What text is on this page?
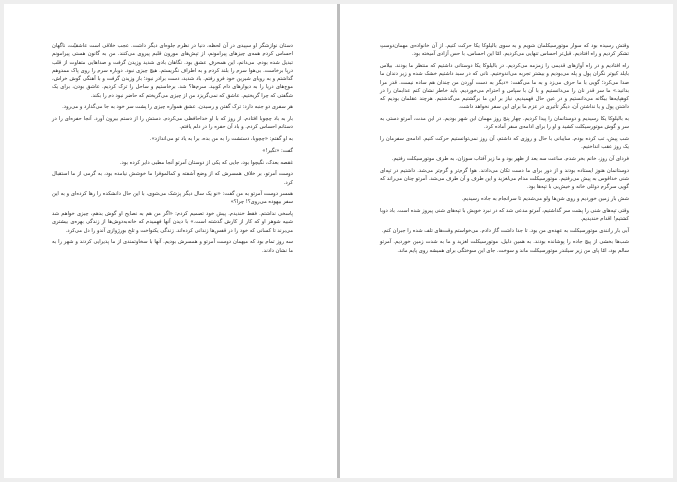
دستان نوازشگر او سپیدی در آن لحظه، دنیا در نظرم جلوه‌ای دیگر داشت. عجب خلاقی است عاشقیّت، ناگهان احساس کردم همه‌ی چیزهای پیرامونم، از تپش‌های مورون قلبم پیروی می‌کنند. من به گانون هستی پیرامونم تبدیل شده بودم. می‌دانم، این همحرفِ عشق بود. نگاهان بادی شدید وزیدن گرفت و صداهایی متفاوت از قلب درپا برخاست. بی‌هوا سرم را بلند کردم و به اطراف نگریستم. هیچ چیزی نبود. دوباره سرم را روی پاک ممدوهم گذاشتم و به رویای شیرین خود فرو رفتم. باد شدید، دست برادر نبود؛ باز وزیدن گرفت و با آهنگی گوش خراش، موج‌های دریا را به دیوارهای دام کوبید. سرم‌ها؟ شد. برخاستیم و ساحل را ترک کردیم. عاشق بودن، برای یک شگفتی که چرا گریختیم. عاشق که نمی‌گریزد من از چیزی می‌گریختم که حاضر نبود دم را بکند.

هر سفری دو جنبه دارد: ترک گفتن و رسیدن. عشق همواره چیزی را پشت سر خود به جا می‌گذارد و می‌رود.

بار به باد چچوبا افتادم. از روز که با او خداحافظی می‌کردم. دستش را از دستم بیرون آورد. آنجا حفره‌ای را در دستانم احساس کردم. و باد آن حفره را در دلم یافتم.

به او گفتم: «چچوبا، دستشت را به من بده، برا به یاد تو می‌اندازد».

گفت: «نگیر!»

غقصه بعدک، نگیچوا بود، جایی که یکی از دوستان آمرتو آنجا مطبی دایر کرده بود.

دوست آمرتو، بر خلاف همسرش که از وضع آشفته و کمالموفرا ما خوشش نیامده بود، به گرمی از ما استقبال کرد.

همسر دوست آمرتو به من گفت: «نو یک سال دیگر پزشک می‌شوی، با این حال دانشکده را رها کرده‌ای و به این سفر بیهوده می‌روی؟! چرا؟»

پاسخی نداشتم. فقط خندیدم. پیش خود تصمیم کردم: «اگر من هم به نصایح او گوش بدهم، چیزی خواهم شد شبیه شوهر او که کار از کارش گذشته است.» با دیدن آنها فهمیدم که خانه‌به‌دوش‌ها از زندگی بهره‌ی بیشتری می‌برند تا کسانی که خود را در قفس‌ها زندانی کرده‌اند. زندگی یکنواخت و تلخ بورژوازی آندو را دل می‌کرد.

سه روز تمام بود که میهمان دوست آمرتو و همسرش بودیم. آنها با سخاوتمندی از ما پذیرایی کردند و شهر را به ما نشان دادند.

وقتش رسیده بود که سوار موتورسیکلمان شویم و به سوی بالیلوکا یکا حرکت کنیم. از آن خانواده‌ی مهمان‌دوستِ تشکر کردیم و راه افتادیم. قبل‌تر احساس تنهایی می‌کردیم. امّا این احساس، با حس آزادی آمیخته بود.

راه افتادیم و در راه آوازهای قدیمی را زمزمه می‌کردیم. در بالیلوکا یکا دوستانی داشتیم که منتظر ما بودند. بیلاس بایلد کیوتر نگران پول و پله می‌بودیم و بیشتر تجربه می‌اندوختیم. نانی که در سبد داشتیم خشک شده و زیر دندان ما صدا می‌کرد؛ گویی با ما حرف می‌زد و به ما می‌گفت: «دیگر به دست آوردن من چندان هم ساده نیست. قدر مرا بدانید.» ما سر قدر نان را می‌دانستیم و با آن با سپاس و احترام می‌خوردیم. باید خاطر نشان کنم عذابمان را در کوهپایه‌ها بیگانه می‌دانستیم و در عین حال فهمیدیم، نیاز بر این ما برگشتیم می‌گذشتیم. هرچند عقلمان بودیم که داشتن پول و یا نداشتن آن، دیگر تأثیری در عزم ما برای این سفر نخواهد داشت.

به بالیلوکا یکا رسیدیم و دوستانمان را پیدا کردیم. چهار پنج روز مهمان این شهر بودیم. در این مدت، آمرتو دستی به سر و گوش موتورسیکلت کشید و او را برای ادامه‌ی سفر آماده کرد.

شب پیش، تب کرده بودم. سایبانی با حال و روزی که داشتم، آن روز نمی‌توانستیم حرکت کنیم. ادامه‌ی سفرمان را یک روز عقب انداختیم.

فردای آن روز، خانم بخر شدم. ساعت سه بعد از ظهر بود و ما زیر آفتاب سوزان، به طرف موتورسیکلت رفتیم.

دوستانمان هنوز ایستاده بودند و از دور برای ما دست تکان می‌دادند. هوا گرم‌تر و گرم‌تر می‌شد. داشتیم در تپه‌ای شنی خداقوس به پیش می‌رفتیم. موتورسیکلت مدام می‌لغزید و این طرف و آن طرف می‌شد. آمرتو چنان می‌راند که گویی سرگرم دوئلی خانه و خیش‌بی با تپه‌ها بود.

شش بار زمین خوردیم و روی شن‌ها ولو می‌شدیم تا سرانجام به جاده رسیدیم.

وقتی تپه‌های شنی را پشت سر گذاشتیم، آمرتو مدعی شد که در نبرد خویش با تپه‌های شنی پیروز شده است. باد دوبا کشتیم! اقدام خندیدیم.

آبی بار رانندی موتورسیکلت به عهده‌ی من بود. تا جدا داشت گاز دادم. می‌خواستم وقت‌های تلف شده را جبران کنم.

شب‌ها بخشی از پیچ جاده را پوشانده بودند. به همین دلیل، موتورسیکلت لغزید و ما به شدت زمین خوردیم. آمرتو سالم بود، امّا پای من زیر سیلندر موتورسیکلت ماند و سوخت. جای این سوختگی برای همیشه روی پایم ماند.
